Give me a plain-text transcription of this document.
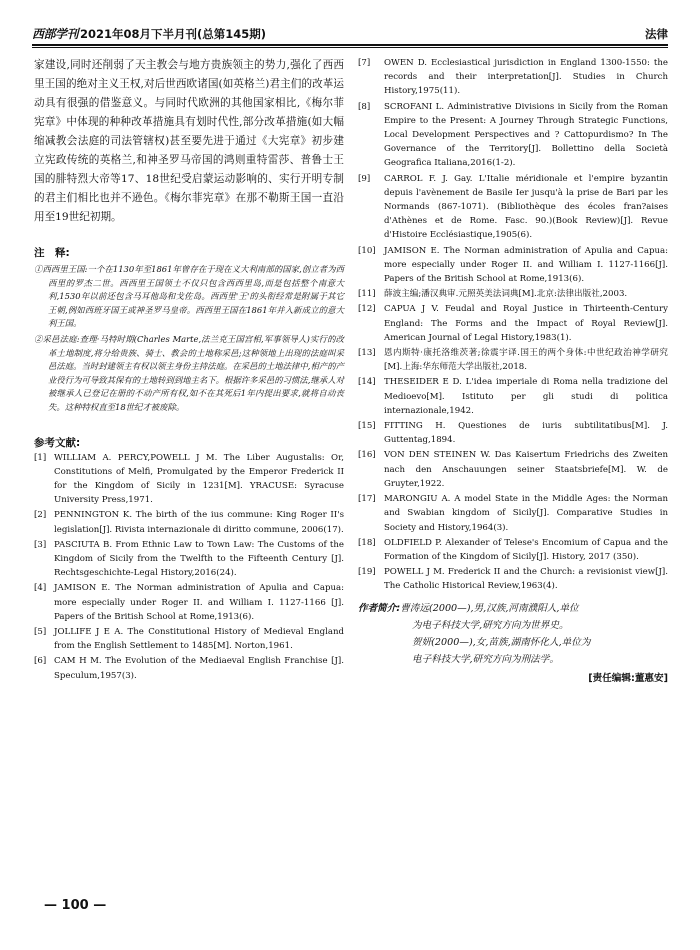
西部学刊 2021年08月下半月刊(总第145期)	法律

家建设,同时还削弱了天主教会与地方贵族领主的势力,强化了西西里王国的绝对主义王权,对后世西欧诸国(如英格兰)君主们的改革运动具有很强的借鉴意义。与同时代欧洲的其他国家相比,《梅尔菲宪章》中体现的种种改革措施具有划时代性,部分改革措施(如大幅缩减教会法庭的司法管辖权)甚至要先进于通过《大宪章》初步建立宪政传统的英格兰,和神圣罗马帝国的鸿则重特雷莎、普鲁士王国的腓特烈大帝等17、18世纪受启蒙运动影响的、实行开明专制的君主们相比也并不逊色。《梅尔菲宪章》在那不勒斯王国一直沿用至19世纪初期。

注　释:

①西西里王国:一个在1130年至1861年曾存在于现在义大利南部的国家,创立者为西西里的罗杰二世。西西里王国领土不仅只包含西西里岛,而是包括整个南意大利,1530年以前还包含马耳他岛和戈佐岛。西西里'王'的头衔经常是附属于其它王朝,例如西班牙国王或神圣罗马皇帝。西西里王国在1861年并入新成立的意大利王国。

②采邑法庭:查理·马特时期(Charles Marte,法兰克王国宫相,军事领导人)实行的改革土地制度,将分给贵族、骑士、教会的土地称采邑;这种领地上出现的法庭叫采邑法庭。当时封建领主有权以领主身份主持法庭。在采邑的土地法律中,相产的产业役行为可导致其保有的土地转到到地主名下。根据许多采邑的习惯法,继承人对被继承人已登记在册的不动产所有权,如不在其死后1年内提出要求,就将自动丧失。这种特权直至18世纪才被废除。

参考文献:

[1] WILLIAM A. PERCY,POWELL J M. The Liber Augustalis: Or, Constitutions of Melfi, Promulgated by the Emperor Frederick II for the Kingdom of Sicily in 1231[M]. YRACUSE: Syracuse University Press,1971.

[2] PENNINGTON K. The birth of the ius commune: King Roger II's legislation[J]. Rivista internazionale di diritto commune, 2006(17).

[3] PASCIUTA B. From Ethnic Law to Town Law: The Customs of the Kingdom of Sicily from the Twelfth to the Fifteenth Century [J]. Rechtsgeschichte-Legal History,2016(24).

[4] JAMISON E. The Norman administration of Apulia and Capua: more especially under Roger II. and William I. 1127-1166 [J]. Papers of the British School at Rome,1913(6).

[5] JOLLIFE J E A. The Constitutional History of Medieval England from the English Settlement to 1485[M]. Norton,1961.

[6] CAM H M. The Evolution of the Mediaeval English Franchise [J]. Speculum,1957(3).

[7] OWEN D. Ecclesiastical jurisdiction in England 1300-1550: the records and their interpretation[J]. Studies in Church History,1975(11).

[8] SCROFANI L. Administrative Divisions in Sicily from the Roman Empire to the Present: A Journey Through Strategic Functions, Local Development Perspectives and ? Cattopurdismo? In The Governance of the Territory[J]. Bollettino della Società Geografica Italiana,2016(1-2).

[9] CARROL F. J. Gay. L'Italie méridionale et l'empire byzantin depuis l'avènement de Basile Ier jusqu'à la prise de Bari par les Normands (867-1071). (Bibliothèque des écoles fran?aises d'Athènes et de Rome. Fasc. 90.)(Book Review)[J]. Revue d'Histoire Ecclésiastique,1905(6).

[10] JAMISON E. The Norman administration of Apulia and Capua: more especially under Roger II. and William I. 1127-1166[J]. Papers of the British School at Rome,1913(6).

[11] 薛波主编;潘汉典审.元照英美法词典[M].北京:法律出版社,2003.

[12] CAPUA J V. Feudal and Royal Justice in Thirteenth-Century England: The Forms and the Impact of Royal Review[J]. American Journal of Legal History,1983(1).

[13] 恩内斯特·康托洛维茨著;徐震宇译.国王的两个身体:中世纪政治神学研究[M].上海:华东师范大学出版社,2018.

[14] THESEIDER E D. L'idea imperiale di Roma nella tradizione del Medioevo[M]. Istituto per gli studi di politica internazionale,1942.

[15] FITTING H. Questiones de iuris subtilitatibus[M]. J. Guttentag,1894.

[16] VON DEN STEINEN W. Das Kaisertum Friedrichs des Zweiten nach den Anschauungen seiner Staatsbriefe[M]. W. de Gruyter,1922.

[17] MARONGIU A. A model State in the Middle Ages: the Norman and Swabian kingdom of Sicily[J]. Comparative Studies in Society and History,1964(3).

[18] OLDFIELD P. Alexander of Telese's Encomium of Capua and the Formation of the Kingdom of Sicily[J]. History, 2017 (350).

[19] POWELL J M. Frederick II and the Church: a revisionist view[J]. The Catholic Historical Review,1963(4).

作者简介:曹涛远(2000—),男,汉族,河南濮阳人,单位
为电子科技大学,研究方向为世界史。
贺妍(2000—),女,苗族,湖南怀化人,单位为
电子科技大学,研究方向为刑法学。
[责任编辑:董惠安]
— 100 —
